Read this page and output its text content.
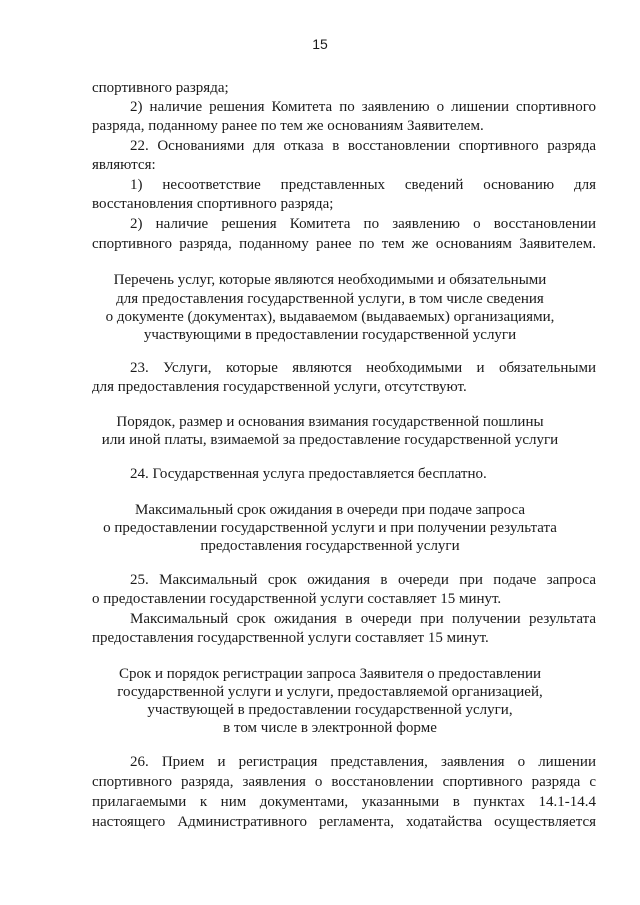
15
спортивного разряда;
2) наличие решения Комитета по заявлению о лишении спортивного
разряда, поданному ранее по тем же основаниям Заявителем.
22. Основаниями для отказа в восстановлении спортивного разряда
являются:
1) несоответствие представленных сведений основанию для
восстановления спортивного разряда;
2) наличие решения Комитета по заявлению о восстановлении
спортивного разряда, поданному ранее по тем же основаниям Заявителем.
Перечень услуг, которые являются необходимыми и обязательными
для предоставления государственной услуги, в том числе сведения
о документе (документах), выдаваемом (выдаваемых) организациями,
участвующими в предоставлении государственной услуги
23. Услуги, которые являются необходимыми и обязательными
для предоставления государственной услуги, отсутствуют.
Порядок, размер и основания взимания государственной пошлины
или иной платы, взимаемой за предоставление государственной услуги
24. Государственная услуга предоставляется бесплатно.
Максимальный срок ожидания в очереди при подаче запроса
о предоставлении государственной услуги и при получении результата
предоставления государственной услуги
25. Максимальный срок ожидания в очереди при подаче запроса
о предоставлении государственной услуги составляет 15 минут.
Максимальный срок ожидания в очереди при получении результата
предоставления государственной услуги составляет 15 минут.
Срок и порядок регистрации запроса Заявителя о предоставлении
государственной услуги и услуги, предоставляемой организацией,
участвующей в предоставлении государственной услуги,
в том числе в электронной форме
26. Прием и регистрация представления, заявления о лишении
спортивного разряда, заявления о восстановлении спортивного разряда с
прилагаемыми к ним документами, указанными в пунктах 14.1-14.4
настоящего Административного регламента, ходатайства осуществляется
